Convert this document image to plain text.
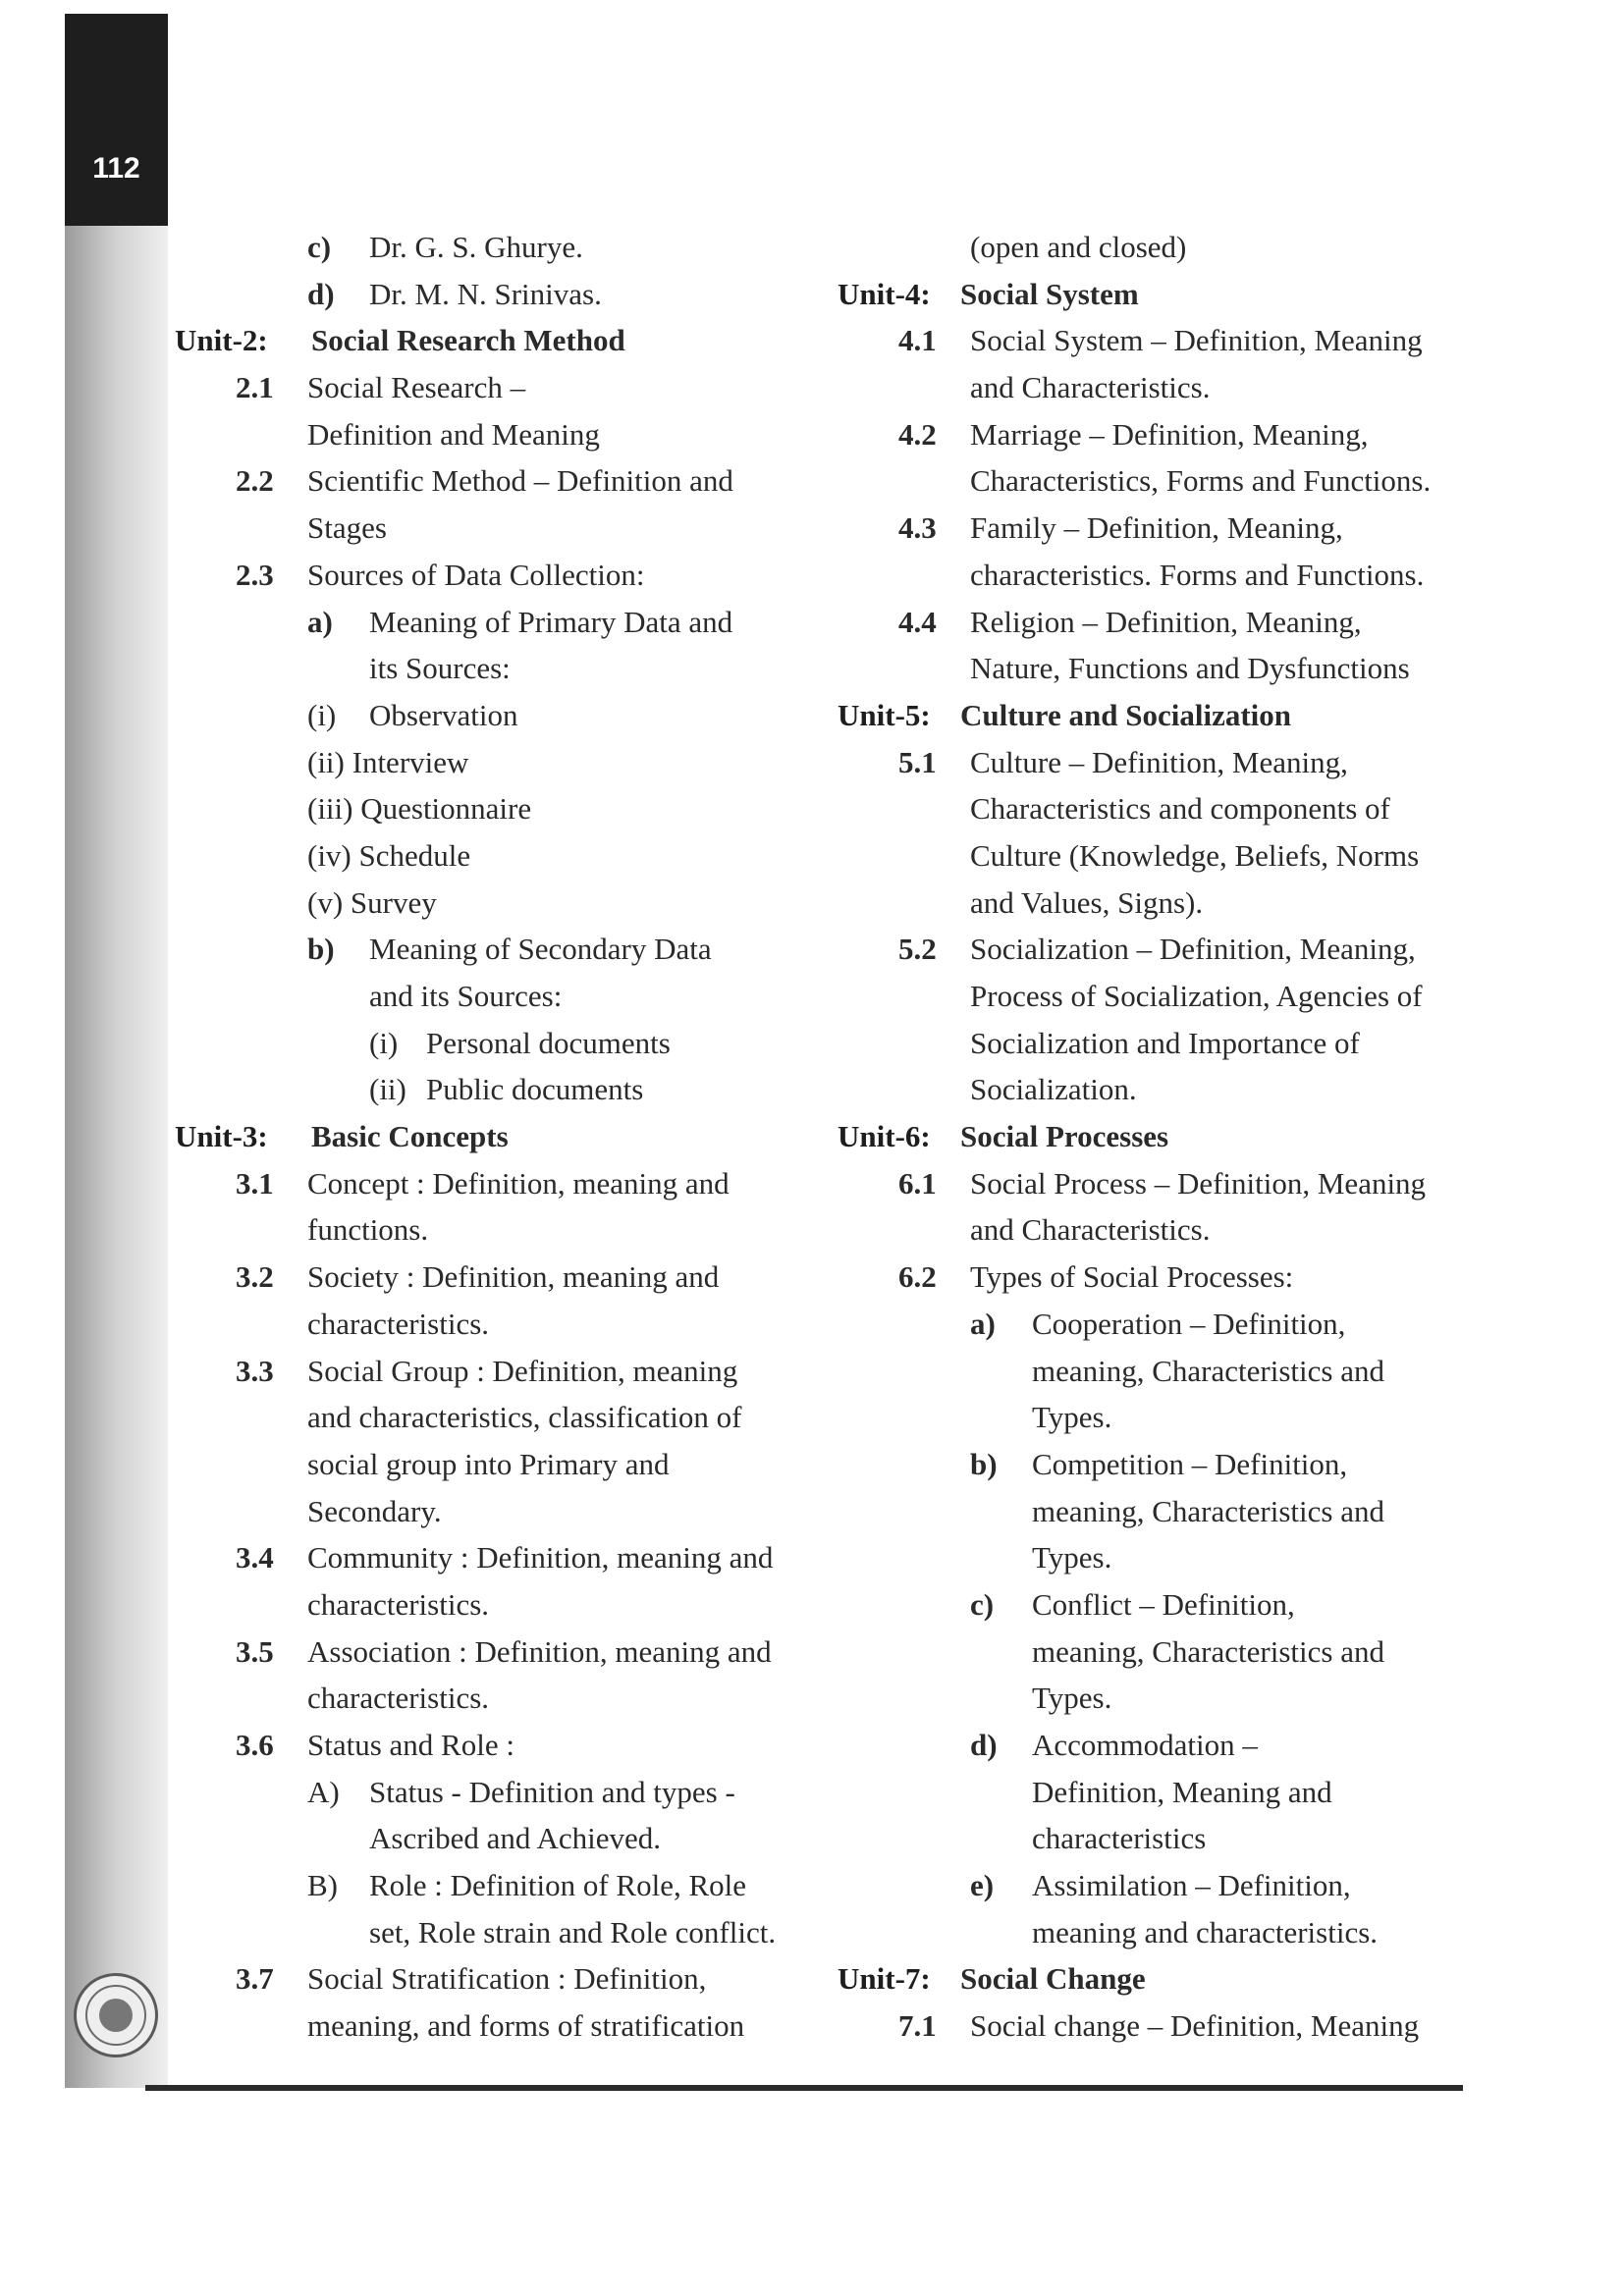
112
c) Dr. G. S. Ghurye.
d) Dr. M. N. Srinivas.
Unit-2: Social Research Method
2.1 Social Research –
Definition and Meaning
2.2 Scientific Method – Definition and
Stages
2.3 Sources of Data Collection:
a) Meaning of Primary Data and
its Sources:
(i) Observation
(ii) Interview
(iii) Questionnaire
(iv) Schedule
(v) Survey
b) Meaning of Secondary Data
and its Sources:
(i) Personal documents
(ii) Public documents
Unit-3: Basic Concepts
3.1 Concept : Definition, meaning and
functions.
3.2 Society : Definition, meaning and
characteristics.
3.3 Social Group : Definition, meaning
and characteristics, classification of
social group into Primary and
Secondary.
3.4 Community : Definition, meaning and
characteristics.
3.5 Association : Definition, meaning and
characteristics.
3.6 Status and Role :
A) Status - Definition and types -
Ascribed and Achieved.
B) Role : Definition of Role, Role
set, Role strain and Role conflict.
3.7 Social Stratification : Definition,
meaning, and forms of stratification
(open and closed)
Unit-4: Social System
4.1 Social System – Definition, Meaning
and Characteristics.
4.2 Marriage – Definition, Meaning,
Characteristics, Forms and Functions.
4.3 Family – Definition, Meaning,
characteristics. Forms and Functions.
4.4 Religion – Definition, Meaning,
Nature, Functions and Dysfunctions
Unit-5: Culture and Socialization
5.1 Culture – Definition, Meaning,
Characteristics and components of
Culture (Knowledge, Beliefs, Norms
and Values, Signs).
5.2 Socialization – Definition, Meaning,
Process of Socialization, Agencies of
Socialization and Importance of
Socialization.
Unit-6: Social Processes
6.1 Social Process – Definition, Meaning
and Characteristics.
6.2 Types of Social Processes:
a) Cooperation – Definition,
meaning, Characteristics and
Types.
b) Competition – Definition,
meaning, Characteristics and
Types.
c) Conflict – Definition,
meaning, Characteristics and
Types.
d) Accommodation –
Definition, Meaning and
characteristics
e) Assimilation – Definition,
meaning and characteristics.
Unit-7: Social Change
7.1 Social change – Definition, Meaning
